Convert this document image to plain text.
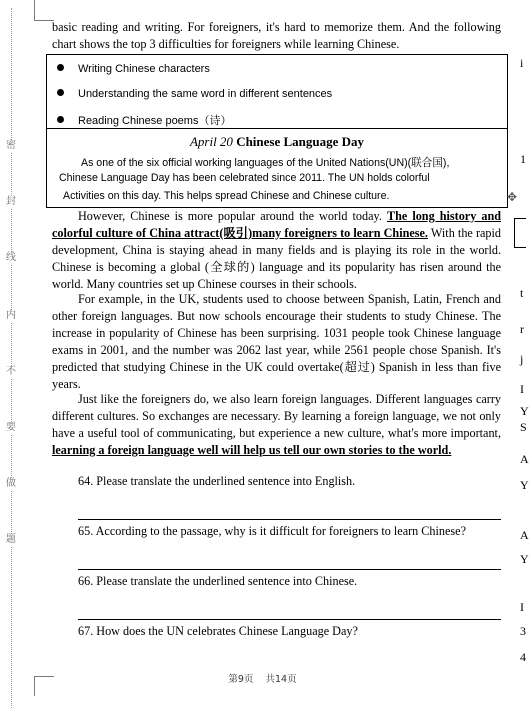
密
封
线
内
不
要
做
题
basic reading and writing. For foreigners, it's hard to memorize them. And the following chart shows the top 3 difficulties for foreigners while learning Chinese.
Writing Chinese characters
Understanding the same word in different sentences
Reading Chinese poems（诗）
April 20 Chinese Language Day
As one of the six official working languages of the United Nations(UN)(联合国),
Chinese Language Day has been celebrated since 2011. The UN holds colorful
Activities on this day. This helps spread Chinese and Chinese culture.	✥
However, Chinese is more popular around the world today. The long history and colorful culture of China attract(吸引)many foreigners to learn Chinese. With the rapid development, China is staying ahead in many fields and is playing its role in the world. Chinese is becoming a global (全球的) language and its popularity has risen around the world. Many countries set up Chinese courses in their schools.
For example, in the UK, students used to choose between Spanish, Latin, French and other foreign languages. But now schools encourage their students to study Chinese. The increase in popularity of Chinese has been surprising. 1031 people took Chinese language exams in 2001, and the number was 2062 last year, while 2561 people chose Spanish. It's predicted that studying Chinese in the UK could overtake(超过) Spanish in less than five years.
Just like the foreigners do, we also learn foreign languages. Different languages carry different cultures. So exchanges are necessary. By learning a foreign language, we not only have a useful tool of communicating, but experience a new culture, what's more important, learning a foreign language well will help us tell our own stories to the world.
64. Please translate the underlined sentence into English.
65. According to the passage, why is it difficult for foreigners to learn Chinese?
66. Please translate the underlined sentence into Chinese.
67. How does the UN celebrates Chinese Language Day?
第9页    共14页
i
1
t
r
j
I
Y
S
A
Y
A
Y
I
3
4
